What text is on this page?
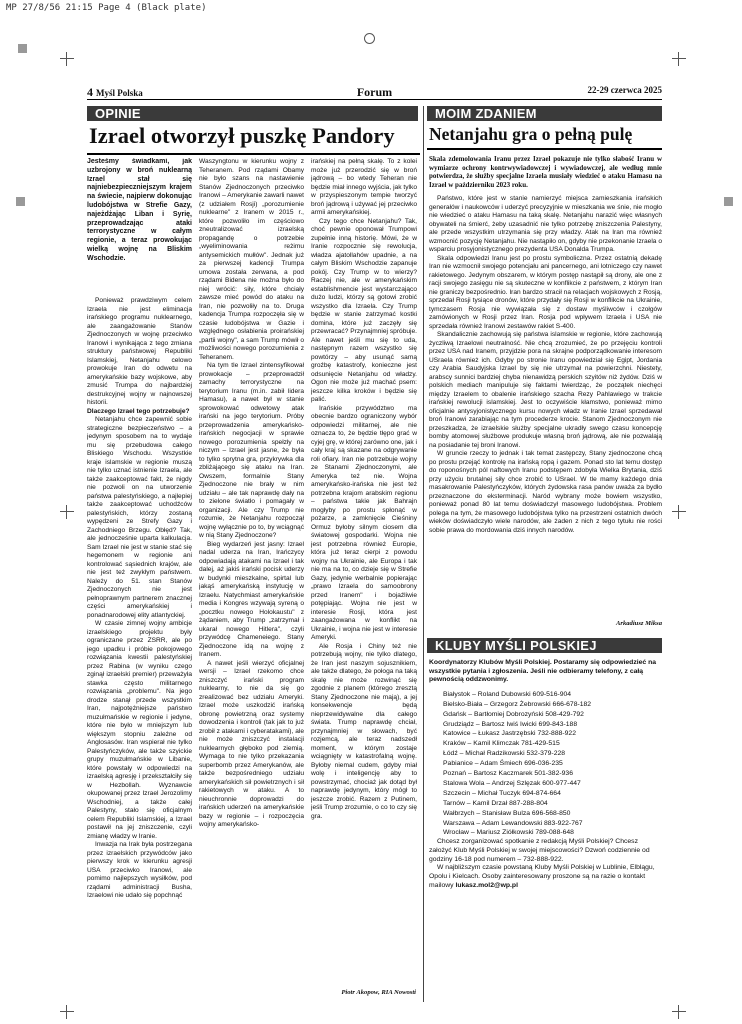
MP 27/8/56 21:15 Page 4 (Black plate)
4 Myśl Polska	Forum	22-29 czerwca 2025
OPINIE
Izrael otworzył puszkę Pandory

Jesteśmy świadkami, jak uzbrojony w broń nuklearną Izrael stał się najniebezpieczniejszym krajem na świecie, najpierw dokonując ludobójstwa w Strefie Gazy, najeżdżając Liban i Syrię, przeprowadzając ataki terrorystyczne w całym regionie, a teraz prowokując wielką wojnę na Bliskim Wschodzie.

Ponieważ prawdziwym celem Izraela nie jest eliminacja irańskiego programu nuklearnego, ale zaangażowanie Stanów Zjednoczonych w wojnę przeciwko Iranowi i wynikająca z tego zmiana struktury państwowej Republiki Islamskiej, Netanjahu celowo prowokuje Iran do odwetu na amerykańskie bazy wojskowe, aby zmusić Trumpa do najbardziej destrukcyjnej wojny w najnowszej historii.

Dlaczego Izrael tego potrzebuje?

Netanjahu chce zapewnić sobie strategiczne bezpieczeństwo – a jedynym sposobem na to wydaje mu się przebudowa całego Bliskiego Wschodu. Wszystkie kraje islamskie w regionie muszą nie tylko uznać istnienie Izraela, ale także zaakceptować fakt, że nigdy nie pozwoli on na utworzenie państwa palestyńskiego, a najlepiej także zaakceptować uchodźców palestyńskich, którzy zostaną wypędzeni ze Strefy Gazy i Zachodniego Brzegu. Obłęd? Tak, ale jednocześnie uparta kalkulacja. Sam Izrael nie jest w stanie stać się hegemonem w regionie ani kontrolować sąsiednich krajów, ale nie jest też zwykłym państwem. Należy do 51. stan Stanów Zjednoczonych nie jest pełnoprawnym partnerem znacznej części amerykańskiej i ponadnarodowej elity atlantyckiej.

W czasie zimnej wojny ambicje izraelskiego projektu były ograniczane przez ZSRR, ale po jego upadku i próbie pokojowego rozwiązania kwestii palestyńskiej przez Rabina (w wyniku czego zginął izraelski premier) przeważyła stawka często militarnego rozwiązania „problemu". Na jego drodze stanął przede wszystkim Iran, najpotężniejsze państwo muzułmańskie w regionie i jedyne, które nie było w mniejszym lub większym stopniu zależne od Anglosasów. Iran wspierał nie tylko Palestyńczyków, ale także szyickie grupy muzułmańskie w Libanie, które powstały w odpowiedzi na izraelską agresję i przekształciły się w Hezbollah. Wyznawcie okupowanej przez Izrael Jerozolimy Wschodniej, a także całej Palestyny, stało się oficjalnym celem Republiki Islamskiej, a Izrael postawił na jej zniszczenie, czyli zmianę władzy w Iranie.

Inwazja na Irak była postrzegana przez izraelskich przywódców jako pierwszy krok w kierunku agresji USA przeciwko Iranowi, ale pomimo najlepszych wysiłków, pod rządami administracji Busha, Izraelowi nie udało się popchnąć

Waszyngtonu w kierunku wojny z Teheranem. Pod rządami Obamy nie było szans na nastawienie Stanów Zjednoczonych przeciwko Iranowi – Amerykanie zawarli nawet (z udziałem Rosji) „porozumienie nuklearne" z Iranem w 2015 r., które pozwoliło im częściowo zneutralizować izraelską propagandę o potrzebie „wyeliminowania reżimu antysemickich mułłów". Jednak już za pierwszej kadencji Trumpa umowa została zerwana, a pod rządami Bidena nie można było do niej wrócić: siły, które chciały zawsze mieć powód do ataku na Iran, nie pozwoliły na to. Druga kadencja Trumpa rozpoczęła się w czasie ludobójstwa w Gazie i względnego osłabienia proirańskiej „partii wojny", a sam Trump mówił o możliwości nowego porozumienia z Teheranem.

Na tym tle Izrael zintensyfikował prowokacje – przeprowadził zamachy terrorystyczne na terytorium Iranu (m.in. zabił lidera Hamasu), a nawet był w stanie sprowokować odwetowy atak irański na jego terytorium. Próby przeprowadzenia amerykańsko-irańskich negocjacji w sprawie nowego porozumienia spełzły na niczym – Izrael jest jasne, że była to tylko sprytna gra, przykrywka dla zbliżającego się ataku na Iran. Owszem, formalnie Stany Zjednoczone nie brały w nim udziału – ale tak naprawdę dały na to zielone światło i pomagały w organizacji. Ale czy Trump nie rozumie, że Netanjahu rozpoczął wojnę wyłącznie po to, by wciągnąć w nią Stany Zjednoczone?

Bieg wydarzeń jest jasny: Izrael nadal uderza na Iran, Irańczycy odpowiadają atakami na Izrael i tak dalej, aż jakiś irański pocisk uderzy w budynki mieszkalne, spirtal lub jakąś amerykańską instytucję w Izraelu. Natychmiast amerykańskie media i Kongres wzywają syreną o „pocztku nowego Holokaustu" z żądaniem, aby Trump „zatrzymał i ukarał nowego Hitlera", czyli przywódcę Chameneiego. Stany Zjednoczone idą na wojnę z Iranem.

A nawet jeśli wierzyć oficjalnej wersji – Izrael rzekomo chce zniszczyć irański program nuklearny, to nie da się go zrealizować bez udziału Ameryki. Izrael może uszkodzić irańską obronę powietrzną oraz systemy dowodzenia i kontroli (tak jak to już zrobił z atakami i cyberatakami), ale nie może zniszczyć instalacji nuklearnych głęboko pod ziemią. Wymaga to nie tylko przekazania superbomb przez Amerykanów, ale także bezpośredniego udziału amerykańskich sił powietrznych i sił rakietowych w ataku. A to nieuchronnie doprowadzi do irańskich uderzeń na amerykańskie bazy w regionie – i rozpoczęcia wojny amerykańsko-

irańskiej na pełną skalę. To z kolei może już przerodzić się w broń jądrową – bo wtedy Teheran nie będzie miał innego wyjścia, jak tylko w przyspieszonym tempie tworzyć broń jądrową i używać jej przeciwko armii amerykańskiej.

Czy tego chce Netanjahu? Tak, choć pewnie oponował Trumpowi zupełnie inną historię. Mówi, że w Iranie rozpocznie się rewolucja, władza ajatollahów upadnie, a na całym Bliskim Wschodzie zapanuje pokój. Czy Trump w to wierzy? Raczej nie, ale w amerykańskim establishmencie jest wystarczająco dużo ludzi, którzy są gotowi zrobić wszystko dla Izraela. Czy Trump będzie w stanie zatrzymać kostki domina, które już zaczęły się przewracać? Przynajmniej spróbuje. Ale nawet jeśli mu się to uda, następnym razem wszystko się powtórzy – aby usunąć samą groźbę katastrofy, konieczne jest odsunięcie Netanjahu od władzy. Ogon nie może już machać psem: jeszcze kilka kroków i będzie się palić.

Irańskie przywództwo ma obecnie bardzo ograniczony wybór odpowiedzi militarnej, ale nie oznacza to, że będzie tłępo grać w cyjej grę, w której zarówno one, jak i cały kraj są skazane na odgrywanie roli ofiary. Iran nie potrzebuje wojny ze Stanami Zjednoczonymi, ale Ameryka też nie. Wojna amerykańsko-irańska nie jest też potrzebna krajom arabskim regionu – państwa takie jak Bahrajn mogłyby po prostu spłonąć w pożarze, a zamknięcie Cieśniny Ormuz byłoby silnym ciosem dla światowej gospodarki. Wojna nie jest potrzebna również Europie, która już teraz cierpi z powodu wojny na Ukrainie, ale Europa i tak nie ma na to, co dzieje się w Strefie Gazy, jedynie werbalnie popierając „prawo Izraela do samoobrony przed Iranem" i bojaźliwie potępiając. Wojna nie jest w interesie Rosji, która jest zaangażowana w konflikt na Ukrainie, i wojna nie jest w interesie Ameryki.

Ale Rosja i Chiny też nie potrzebują wojny, nie tylko dlatego, że Iran jest naszym sojusznikiem, ale także dlatego, że połoga na taką skalę nie może rozwinąć się zgodnie z planem (którego zresztą Stany Zjednoczone nie mają), a jej konsekwencje będą nieprzewidywalne dla całego świata. Trump naprawdę chciał, przynajmniej w słowach, być rozjemcą, ale teraz nadszedł moment, w którym zostaje wciągnięty w katastrofalną wojnę. Byłoby niemal cudem, gdyby miał wolę i inteligencję aby to powstrzymać, chociaż jak dotąd był naprawdę jedynym, który mógł to jeszcze zrobić. Razem z Putinem, jeśli Trump zrozumie, o co to czy się gra.

Piotr Akopow, RIA Nowosti
MOIM ZDANIEM
Netanjahu gra o pełną pulę
Skala zdemolowania Iranu przez Izrael pokazuje nie tylko słabość Iranu w wymiarze ochrony kontrwywiadowczej i wywiadowczej, ale według mnie potwierdza, że służby specjalne Izraela musiały wiedzieć o ataku Hamasu na Izrael w październiku 2023 roku.

Państwo, które jest w stanie namierzyć miejsca zamieszkania irańskich generałów i naukowców i uderzyć precyzyjnie w mieszkania we śnie, nie mogło nie wiedzieć o ataku Hamasu na taką skalę. Netanjahu narazić więc własnych obywateli na śmierć, żeby uzasadnić nie tylko potrzebę zniszczenia Palestyny, ale przede wszystkim utrzymania się przy władzy. Atak na Iran ma również wzmocnić pozycję Netanjahu. Nie nastąpiło on, gdyby nie przekonanie Izraela o wsparciu prosyjonistycznego prezydenta USA Donalda Trumpa.

Skala odpowiedzi Iranu jest po prostu symboliczna. Przez ostatnią dekadę Iran nie wzmocnił swojego potencjału ani pancernego, ani lotniczego czy nawet rakietowego. Jedynym obszarem, w którym postęp nastąpił są drony, ale one z racji swojego zasięgu nie są skuteczne w konflikcie z państwem, z którym Iran nie graniczy bezpośrednio. Iran bardzo stracił na relacjach wojskowych z Rosją, sprzedał Rosji tysiące dronów, które przydały się Rosji w konflikcie na Ukrainie, tymczasem Rosja nie wywiązała się z dostaw myśliwców i czołgów zamówionych w Rosji przez Iran. Rosja pod wpływem Izraela i USA nie sprzedała również Iranowi zestawów rakiet S-400.

Skandalicznie zachowują się państwa islamskie w regionie, które zachowują życzliwą Izraelowi neutralność. Nie chcą zrozumieć, że po przejęciu kontroli przez USA nad Iranem, przyjdzie pora na skrajne podporządkowanie interesom USraela również ich. Gdyby po stronie Iranu opowiedział się Egipt, Jordania czy Arabia Saudyjska Izrael by się nie utrzymał na powierzchni. Niestety, arabscy sunnici bardziej chyba nienawidzą perskich szyitów niż żydów. Dziś w polskich mediach manipuluje się faktami twierdząc, że początek niechęci między Izraelem to obalenie irańskiego szacha Rezy Pahlawiego w trakcie irańskiej rewolucji islamskiej. Jest to oczywiście kłamstwo, ponieważ mimo oficjalnie antysyjonistycznego kursu nowych władz w Iranie Izrael sprzedawał broń Iranowi zarabiając na tym procederze krocie. Stanom Zjednoczonym nie przeszkadza, że izraelskie służby specjalne ukradły swego czasu koncepcję bomby atomowej służbowe produkuje własną broń jądrową, ale nie pozwalają na posiadanie tej broni Iranowi.

W gruncie rzeczy to jednak i tak temat zastępczy, Stany zjednoczone chcą po prostu przejąć kontrolę na irańską ropą i gazem. Ponad sto lat temu dostęp do roponośnych pól naftowych Iranu podstępem zdobyła Wielka Brytania, dziś przy użyciu brutalnej siły chce zrobić to USrael. W tle mamy każdego dnia masakrowanie Palestyńczyków, których żydowska rasa panów uważa za bydło przeznaczone do eksterminacji. Naród wybrany może bowiem wszystko, ponieważ ponad 80 lat temu doświadczył masowego ludobójstwa. Problem polega na tym, że masowego ludobójstwa tylko na przestrzeni ostatnich dwóch wieków doświadczyło wiele narodów, ale żaden z nich z tego tytułu nie rości sobie prawa do mordowania dziś innych narodów.

Arkadiusz Miksa
KLUBY MYŚLI POLSKIEJ
Koordynatorzy Klubów Myśli Polskiej. Postaramy się odpowiedzieć na wszystkie pytania i zgłoszenia. Jeśli nie odbieramy telefony, z całą pewnością oddzwonimy.
Białystok – Roland Dubowski 609-516-904
Bielsko-Biała – Grzegorz Żebrowski 666-678-182
Gdańsk – Bartłomiej Dobrozyński 508-429-792
Grudziądz – Bartosz Iwiś Iwicki 699-843-188
Katowice – Łukasz Jastrzębski 732-888-922
Kraków – Kamil Klimczak 781-429-515
Łódź – Michał Radzikowski 532-379-228
Pabianice – Adam Śmiech 696-036-235
Poznań – Bartosz Kaczmarek 501-382-936
Stalowa Wola – Andrzej Szlęzak 600-977-447
Szczecin – Michał Tuczyk 694-874-664
Tarnów – Kamil Drzał 887-288-804
Wałbrzych – Stanisław Bulza 696-568-850
Warszawa – Adam Lewandowski 883-922-767
Wrocław – Mariusz Ziółkowski 789-088-648
Chcesz zorganizować spotkanie z redakcją Myśli Polskiej? Chcesz założyć Klub Myśli Polskiej w swojej miejscowości? Dzwoń codziennie od godziny 16-18 pod numerem – 732-888-922.
W najbliższym czasie powstaną Kluby Myśli Polskiej w Lublinie, Elblągu, Opolu i Kielcach. Osoby zainteresowany proszone są na razie o kontakt mailowy lukasz.mol2@wp.pl
